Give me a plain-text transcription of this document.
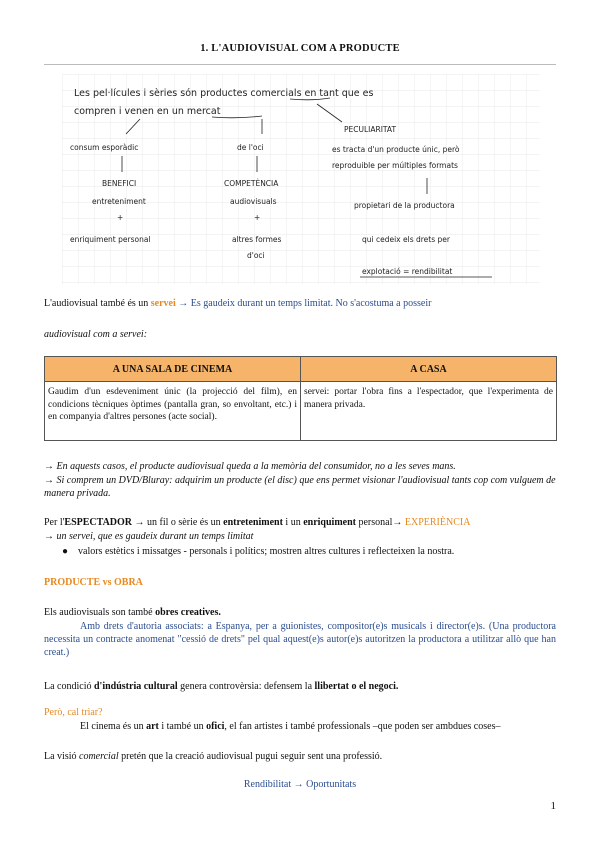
1. L'AUDIOVISUAL COM A PRODUCTE
Les pel·lícules i sèries són productes comercials en tant que es
compren i venen en un mercat
PECULIARITAT
consum esporàdic	de l'oci	es tracta d'un producte únic, però
reproduible per múltiples formats
BENEFICI	COMPETÈNCIA
entreteniment	audiovisuals	propietari de la productora
+	+
enriquiment personal	altres formes	qui cedeix els drets per
d'oci
explotació = rendibilitat
L'audiovisual també és un servei → Es gaudeix durant un temps limitat. No s'acostuma a posseir
audiovisual com a servei:
A UNA SALA DE CINEMA	A CASA
Gaudim d'un esdeveniment únic (la projecció del film), en condicions tècniques òptimes (pantalla gran, so envoltant, etc.) i en companyia d'altres persones (acte social).	servei: portar l'obra fins a l'espectador, que l'experimenta de manera privada.
→ En aquests casos, el producte audiovisual queda a la memòria del consumidor, no a les seves mans.
→ Si comprem un DVD/Bluray: adquirim un producte (el disc) que ens permet visionar l'audiovisual tants cop com vulguem de manera privada.
Per l'ESPECTADOR → un fil o sèrie és un entreteniment i un enriquiment personal→ EXPERIÈNCIA
→ un servei, que es gaudeix durant un temps limitat
● valors estètics i missatges - personals i polítics; mostren altres cultures i reflecteixen la nostra.
PRODUCTE vs OBRA
Els audiovisuals son també obres creatives.
Amb drets d'autoria associats: a Espanya, per a guionistes, compositor(e)s musicals i director(e)s. (Una productora necessita un contracte anomenat "cessió de drets" pel qual aquest(e)s autor(e)s autoritzen la productora a utilitzar allò que han creat.)
La condició d'indústria cultural genera controvèrsia: defensem la llibertat o el negoci.
Però, cal triar?
El cinema és un art i també un ofici, el fan artistes i també professionals –que poden ser ambdues coses–
La visió comercial pretén que la creació audiovisual pugui seguir sent una professió.
Rendibilitat → Oportunitats
1
